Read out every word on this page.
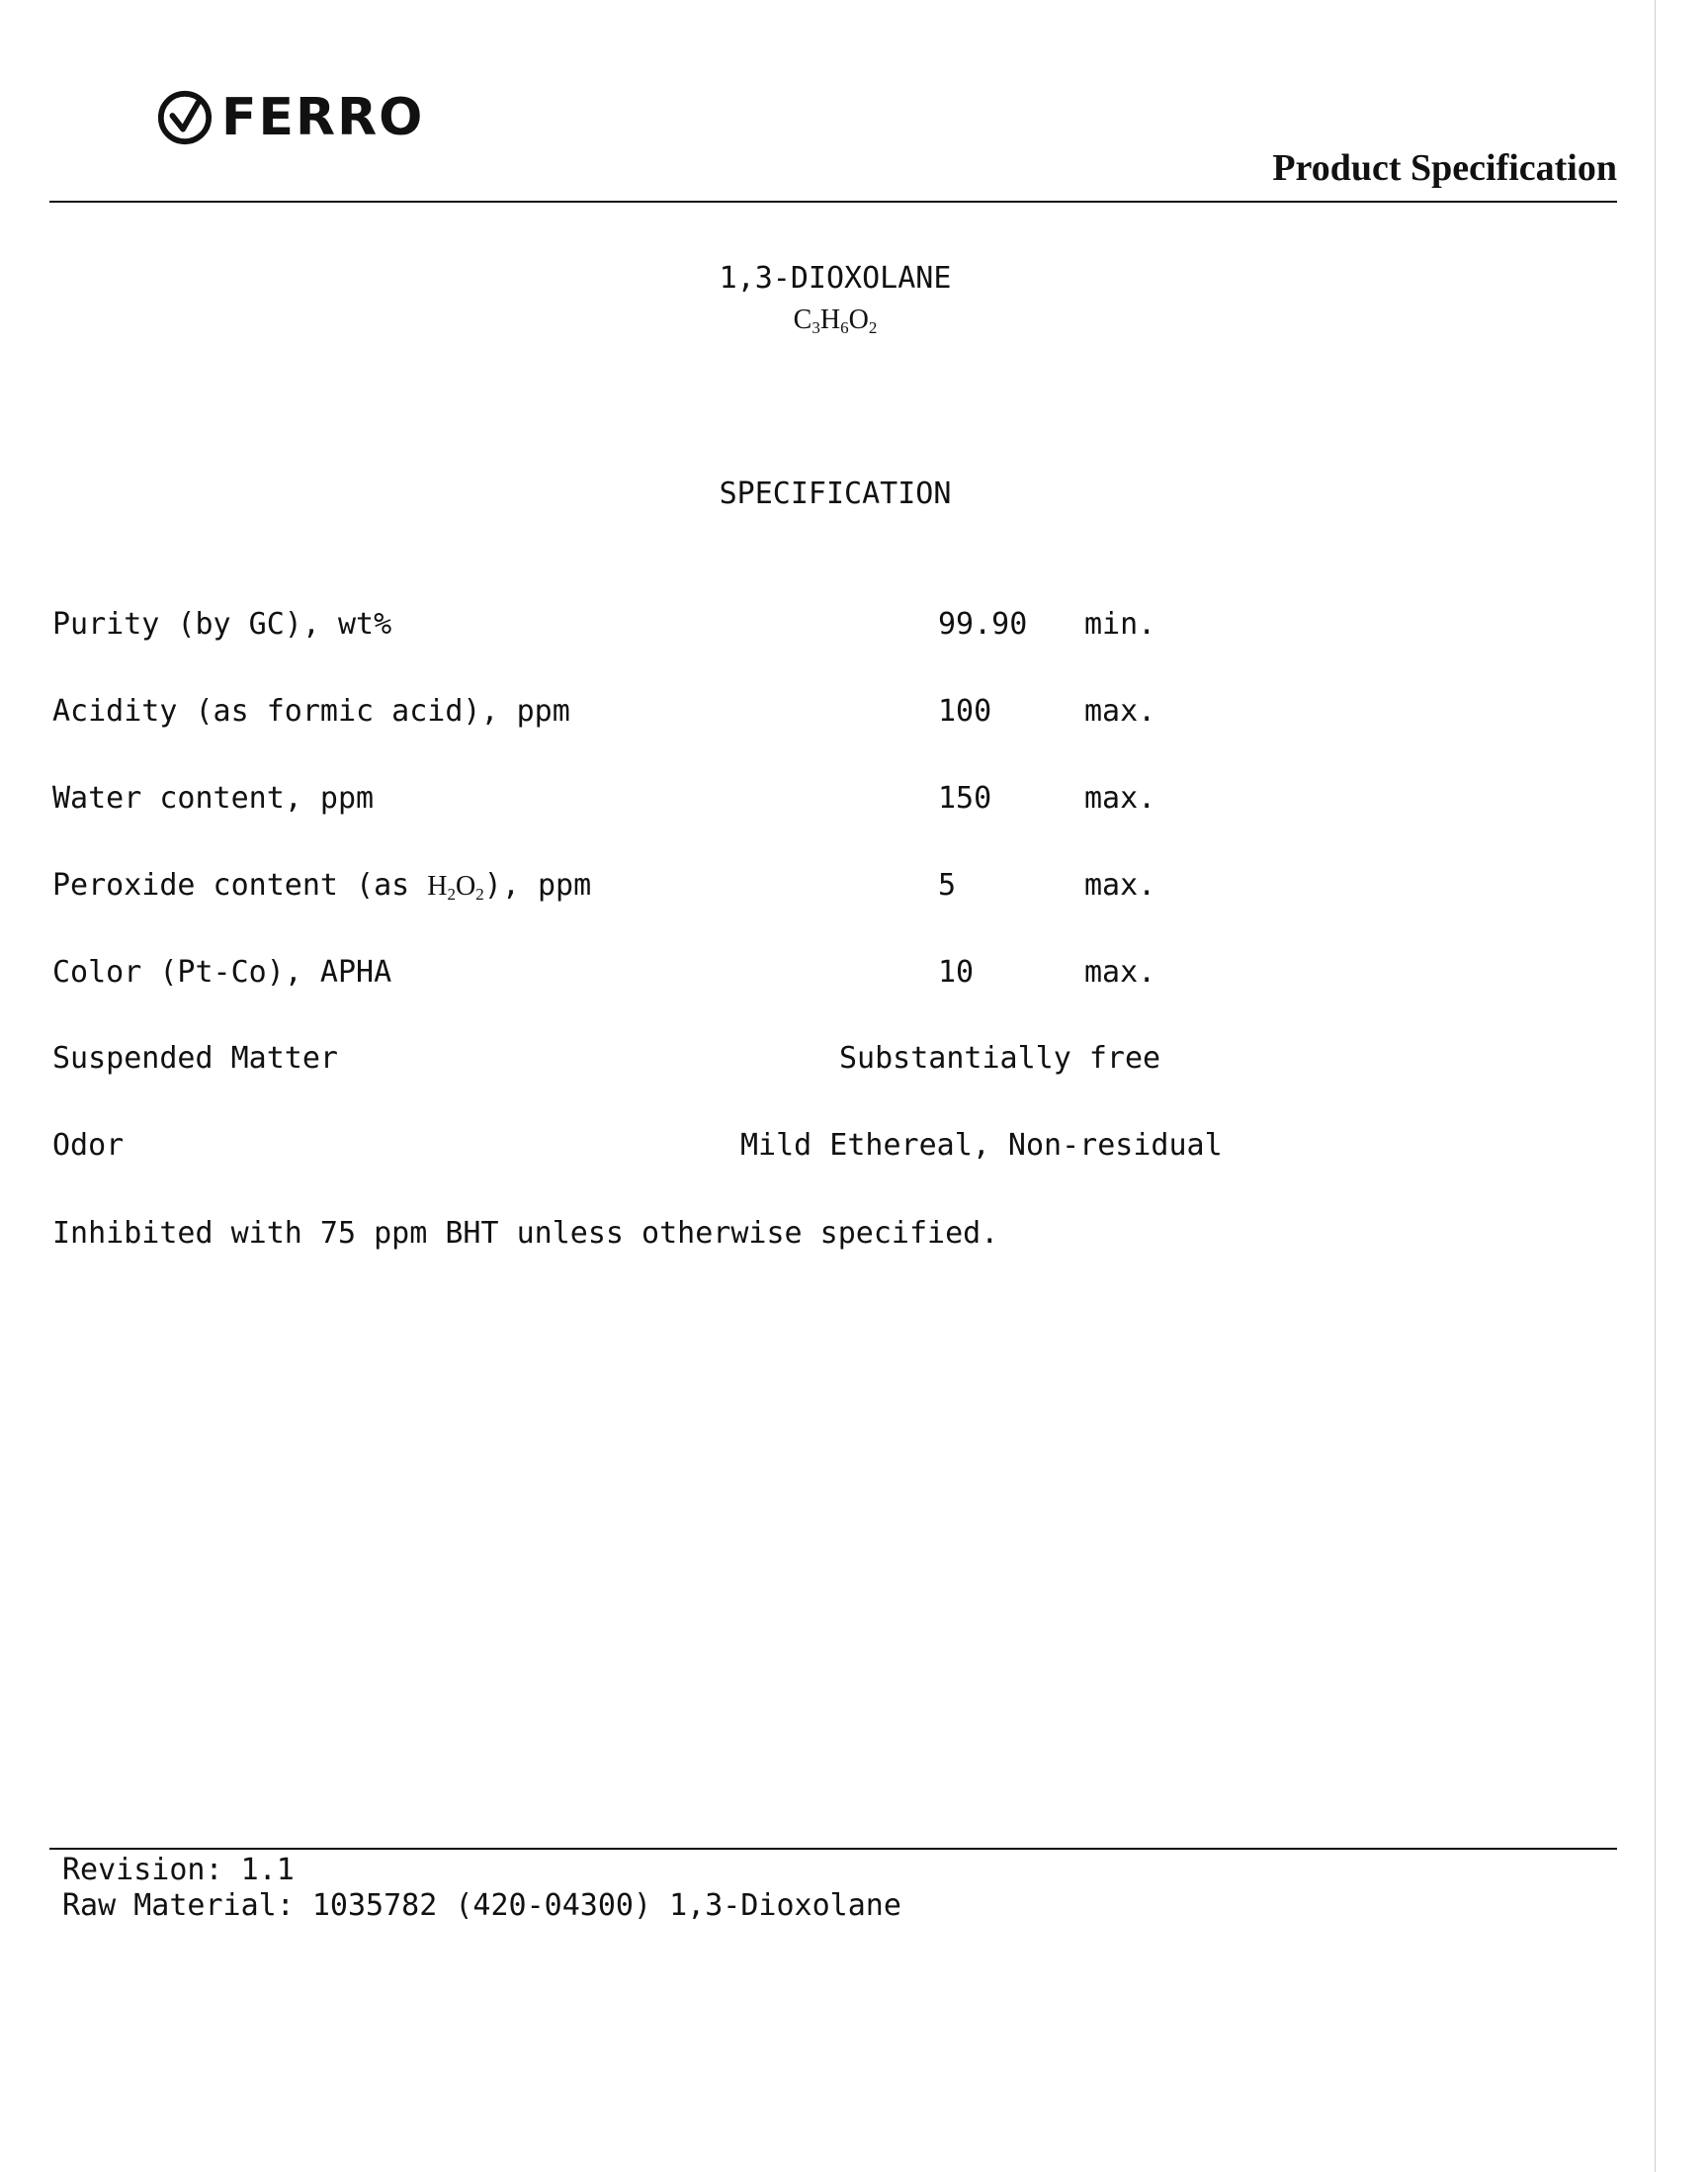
FERRO
Product Specification
1,3-DIOXOLANE
$C_3H_6O_2$
SPECIFICATION
Purity (by GC), wt%	99.90 min.
Acidity (as formic acid), ppm	100	max.
Water content, ppm	150	max.
Peroxide content (as $H_2O_2$), ppm	5	max.
Color (Pt-Co), APHA	10	max.
Suspended Matter	Substantially free
Odor	Mild Ethereal, Non-residual
Inhibited with 75 ppm BHT unless otherwise specified.
Revision: 1.1
Raw Material: 1035782 (420-04300) 1,3-Dioxolane
